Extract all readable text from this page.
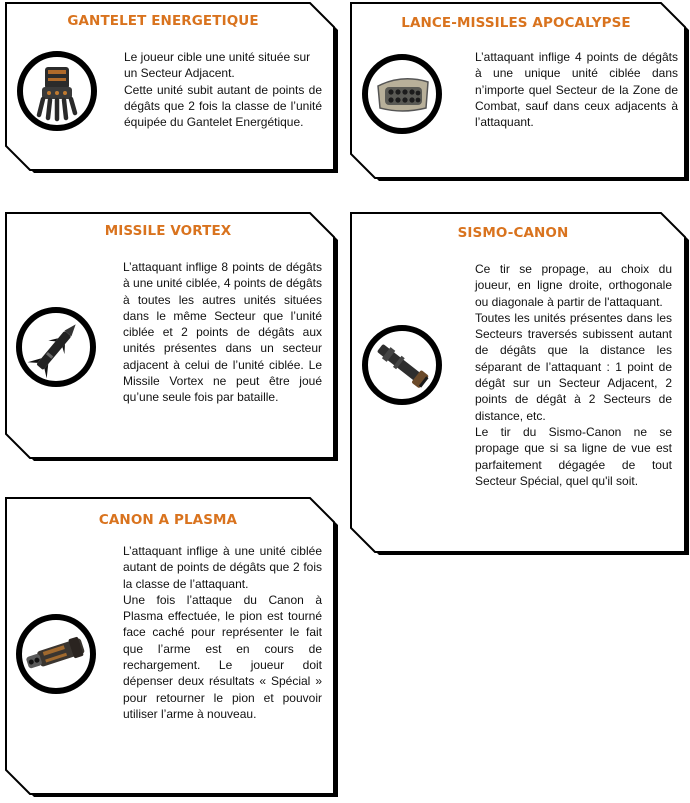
GANTELET ENERGETIQUE

Le joueur cible une unité située sur un Secteur Adjacent.

Cette unité subit autant de points de dégâts que 2 fois la classe de l’unité équipée du Gantelet Energétique.

LANCE-MISSILES APOCALYPSE

L’attaquant inflige 4 points de dégâts à une unique unité ciblée dans n’importe quel Secteur de la Zone de Combat, sauf dans ceux adjacents à l’attaquant.

MISSILE VORTEX

L’attaquant inflige 8 points de dégâts à une unité ciblée, 4 points de dégâts à toutes les autres unités situées dans le même Secteur que l’unité ciblée et 2 points de dégâts aux unités présentes dans un secteur adjacent à celui de l’unité ciblée. Le Missile Vortex ne peut être joué qu’une seule fois par bataille.

SISMO-CANON

Ce tir se propage, au choix du joueur, en ligne droite, orthogonale ou diagonale à partir de l'attaquant.

Toutes les unités présentes dans les Secteurs traversés subissent autant de dégâts que la distance les séparant de l’attaquant : 1 point de dégât sur un Secteur Adjacent, 2 points de dégât à 2 Secteurs de distance, etc.

Le tir du Sismo-Canon ne se propage que si sa ligne de vue est parfaitement dégagée de tout Secteur Spécial, quel qu'il soit.

CANON A PLASMA

L’attaquant inflige à une unité ciblée autant de points de dégâts que 2 fois la classe de l’attaquant.

Une fois l’attaque du Canon à Plasma effectuée, le pion est tourné face caché pour représenter le fait que l’arme est en cours de rechargement. Le joueur doit dépenser deux résultats « Spécial » pour retourner le pion et pouvoir utiliser l’arme à nouveau.
